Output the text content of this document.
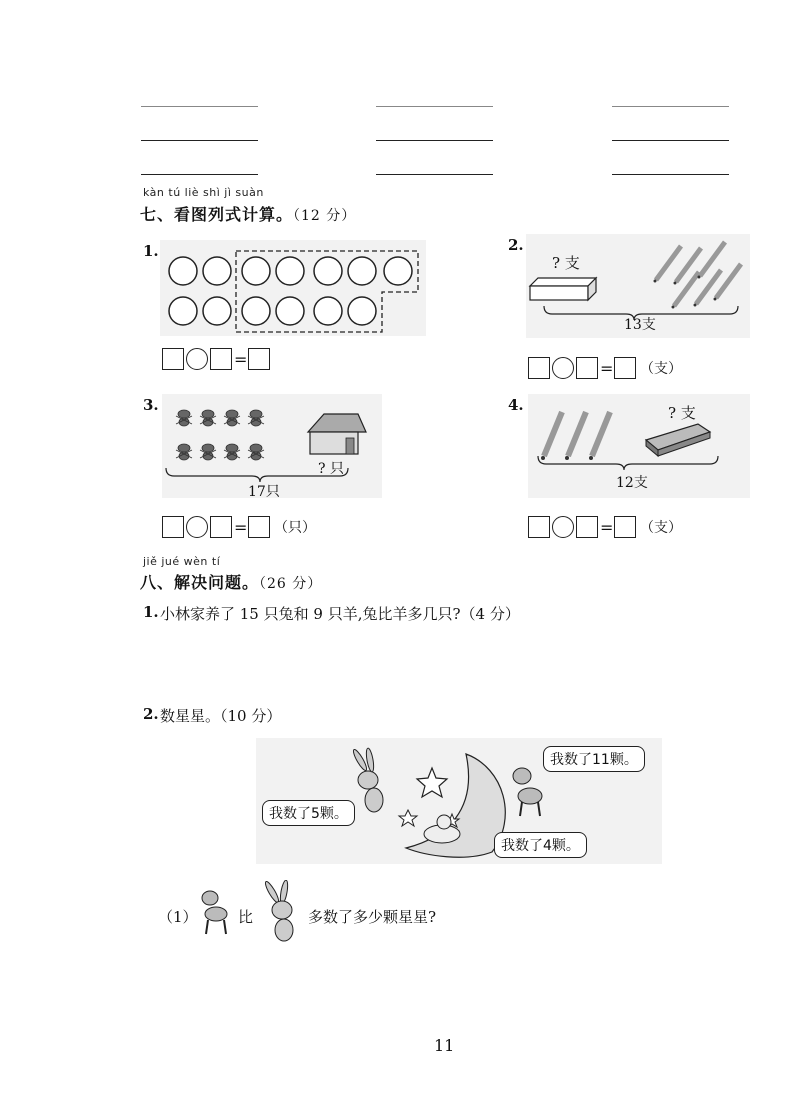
kàn tú liè shì jì suàn
七、看图列式计算。（12 分）
1.
=
2.
? 支
13支
= （支）
3.
? 只
17只
= （只）
4.	? 支
12支
= （支）
jiě jué wèn tí
八、解决问题。（26 分）
1. 小林家养了 15 只兔和 9 只羊,兔比羊多几只?（4 分）
2. 数星星。（10 分）
我数了5颗。
我数了11颗。
我数了4颗。
（1）	比	多数了多少颗星星?
11
